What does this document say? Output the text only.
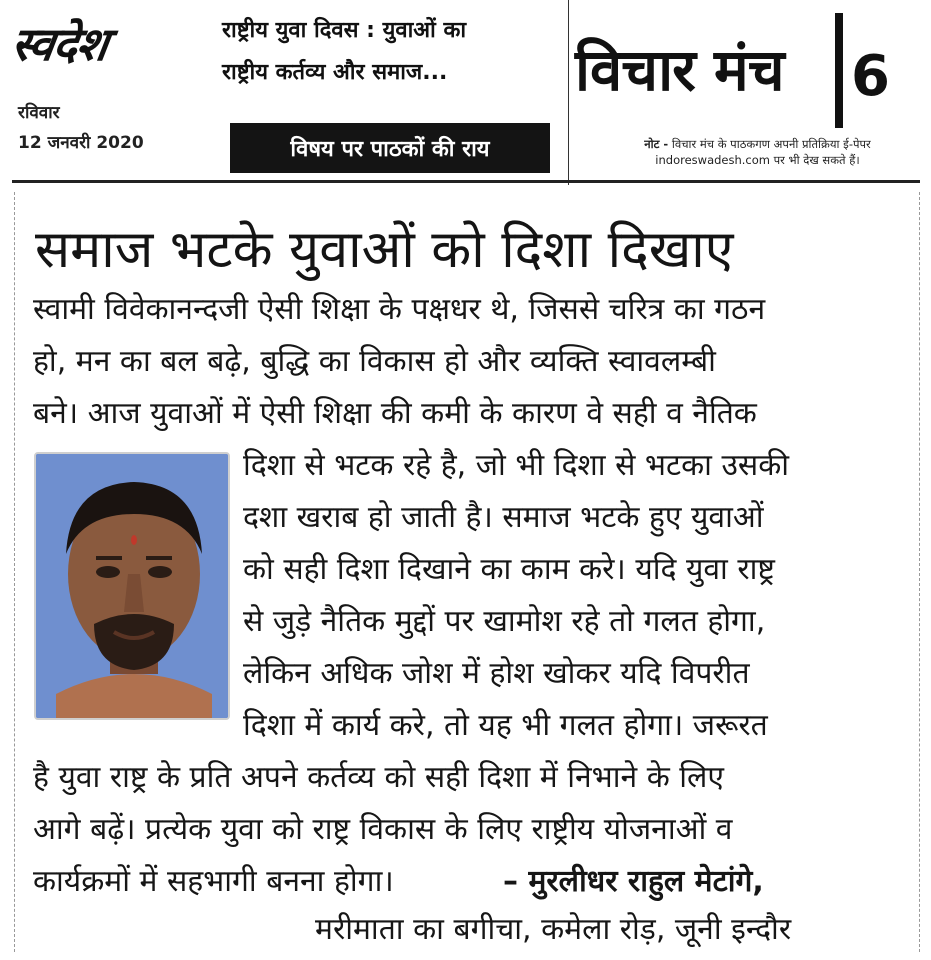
स्वदेश
रविवार
12 जनवरी 2020
राष्ट्रीय युवा दिवस : युवाओं का
राष्ट्रीय कर्तव्य और समाज...
विषय पर पाठकों की राय
विचार मंच 6
नोट - विचार मंच के पाठकगण अपनी प्रतिक्रिया ई-पेपर
indoreswadesh.com पर भी देख सकते हैं।
समाज भटके युवाओं को दिशा दिखाए
स्वामी विवेकानन्दजी ऐसी शिक्षा के पक्षधर थे, जिससे चरित्र का गठन
हो, मन का बल बढ़े, बुद्धि का विकास हो और व्यक्ति स्वावलम्बी
बने। आज युवाओं में ऐसी शिक्षा की कमी के कारण वे सही व नैतिक
दिशा से भटक रहे है, जो भी दिशा से भटका उसकी
दशा खराब हो जाती है। समाज भटके हुए युवाओं
को सही दिशा दिखाने का काम करे। यदि युवा राष्ट्र
से जुड़े नैतिक मुद्दों पर खामोश रहे तो गलत होगा,
लेकिन अधिक जोश में होश खोकर यदि विपरीत
दिशा में कार्य करे, तो यह भी गलत होगा। जरूरत
है युवा राष्ट्र के प्रति अपने कर्तव्य को सही दिशा में निभाने के लिए
आगे बढ़ें। प्रत्येक युवा को राष्ट्र विकास के लिए राष्ट्रीय योजनाओं व
कार्यक्रमों में सहभागी बनना होगा।	– मुरलीधर राहुल मेटांगे,
मरीमाता का बगीचा, कमेला रोड़, जूनी इन्दौर
